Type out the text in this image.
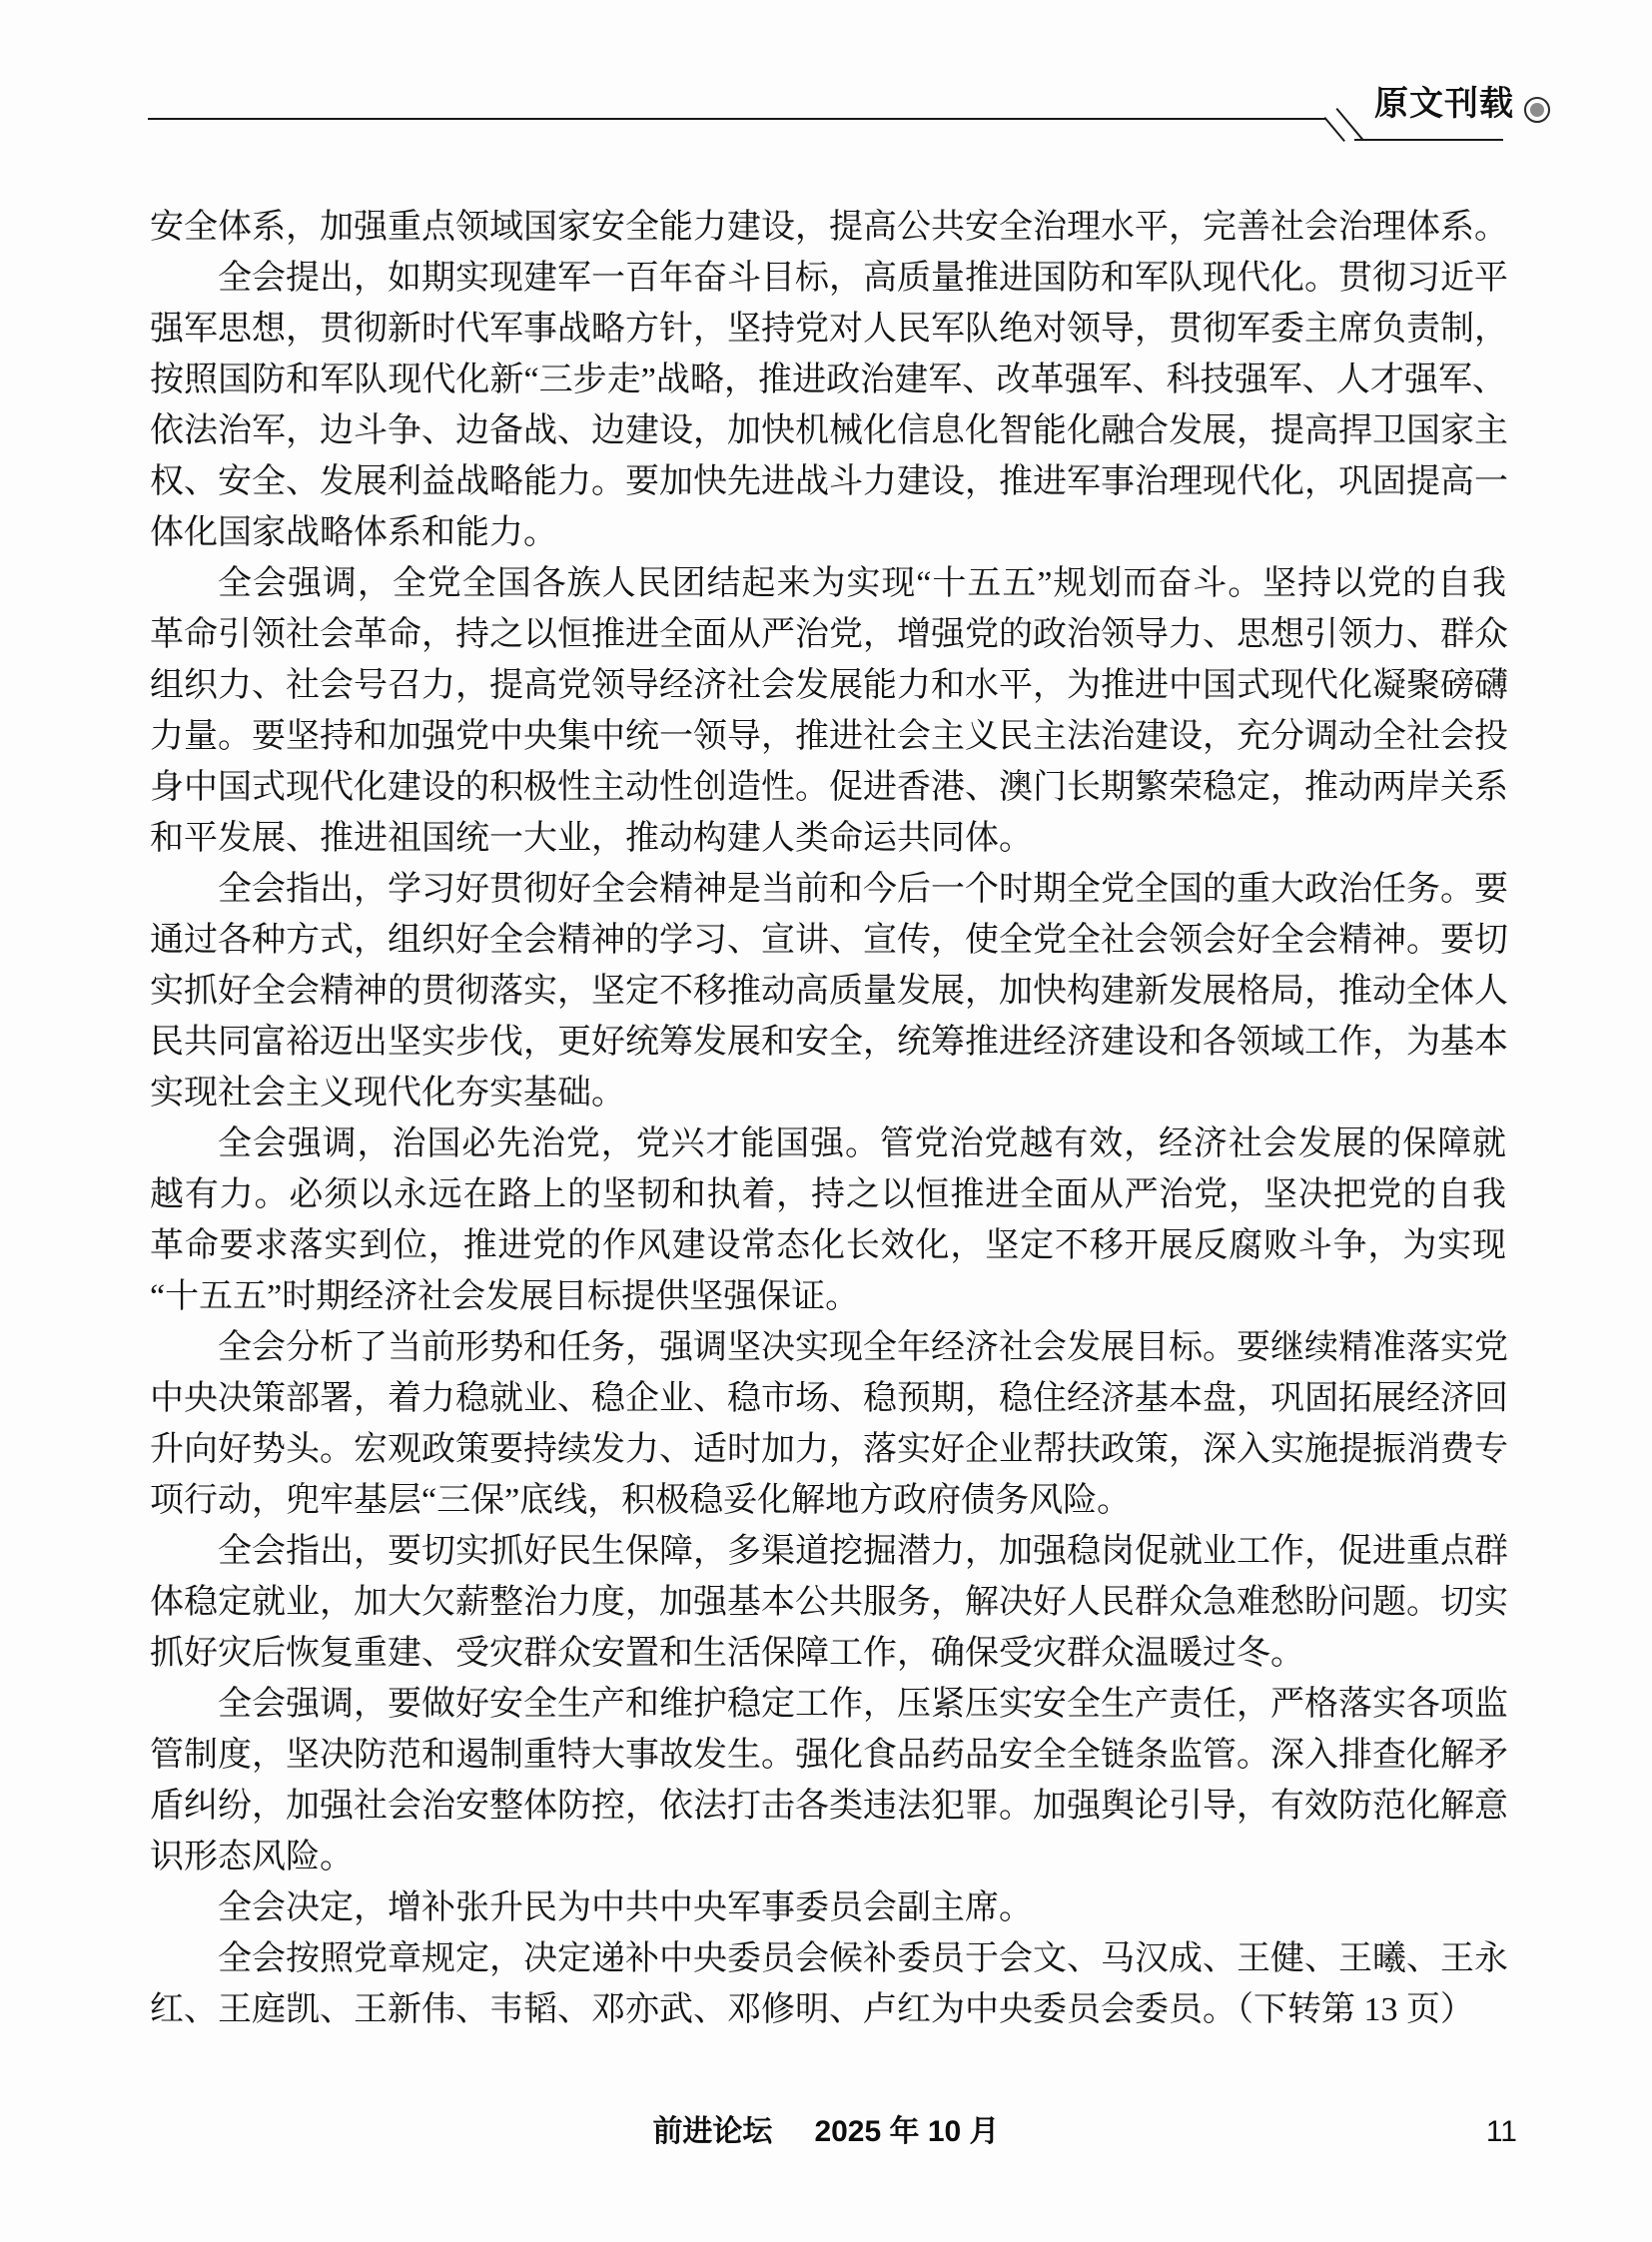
原文刊载
安全体系，加强重点领域国家安全能力建设，提高公共安全治理水平，完善社会治理体系。
全会提出，如期实现建军一百年奋斗目标，高质量推进国防和军队现代化。贯彻习近平
强军思想，贯彻新时代军事战略方针，坚持党对人民军队绝对领导，贯彻军委主席负责制，
按照国防和军队现代化新“三步走”战略，推进政治建军、改革强军、科技强军、人才强军、
依法治军，边斗争、边备战、边建设，加快机械化信息化智能化融合发展，提高捍卫国家主
权、安全、发展利益战略能力。要加快先进战斗力建设，推进军事治理现代化，巩固提高一
体化国家战略体系和能力。
全会强调，全党全国各族人民团结起来为实现“十五五”规划而奋斗。坚持以党的自我
革命引领社会革命，持之以恒推进全面从严治党，增强党的政治领导力、思想引领力、群众
组织力、社会号召力，提高党领导经济社会发展能力和水平，为推进中国式现代化凝聚磅礴
力量。要坚持和加强党中央集中统一领导，推进社会主义民主法治建设，充分调动全社会投
身中国式现代化建设的积极性主动性创造性。促进香港、澳门长期繁荣稳定，推动两岸关系
和平发展、推进祖国统一大业，推动构建人类命运共同体。
全会指出，学习好贯彻好全会精神是当前和今后一个时期全党全国的重大政治任务。要
通过各种方式，组织好全会精神的学习、宣讲、宣传，使全党全社会领会好全会精神。要切
实抓好全会精神的贯彻落实，坚定不移推动高质量发展，加快构建新发展格局，推动全体人
民共同富裕迈出坚实步伐，更好统筹发展和安全，统筹推进经济建设和各领域工作，为基本
实现社会主义现代化夯实基础。
全会强调，治国必先治党，党兴才能国强。管党治党越有效，经济社会发展的保障就
越有力。必须以永远在路上的坚韧和执着，持之以恒推进全面从严治党，坚决把党的自我
革命要求落实到位，推进党的作风建设常态化长效化，坚定不移开展反腐败斗争，为实现
“十五五”时期经济社会发展目标提供坚强保证。
全会分析了当前形势和任务，强调坚决实现全年经济社会发展目标。要继续精准落实党
中央决策部署，着力稳就业、稳企业、稳市场、稳预期，稳住经济基本盘，巩固拓展经济回
升向好势头。宏观政策要持续发力、适时加力，落实好企业帮扶政策，深入实施提振消费专
项行动，兜牢基层“三保”底线，积极稳妥化解地方政府债务风险。
全会指出，要切实抓好民生保障，多渠道挖掘潜力，加强稳岗促就业工作，促进重点群
体稳定就业，加大欠薪整治力度，加强基本公共服务，解决好人民群众急难愁盼问题。切实
抓好灾后恢复重建、受灾群众安置和生活保障工作，确保受灾群众温暖过冬。
全会强调，要做好安全生产和维护稳定工作，压紧压实安全生产责任，严格落实各项监
管制度，坚决防范和遏制重特大事故发生。强化食品药品安全全链条监管。深入排查化解矛
盾纠纷，加强社会治安整体防控，依法打击各类违法犯罪。加强舆论引导，有效防范化解意
识形态风险。
全会决定，增补张升民为中共中央军事委员会副主席。
全会按照党章规定，决定递补中央委员会候补委员于会文、马汉成、王健、王曦、王永
红、王庭凯、王新伟、韦韬、邓亦武、邓修明、卢红为中央委员会委员。（下转第 13 页）
前进论坛 2025 年 10 月	11
